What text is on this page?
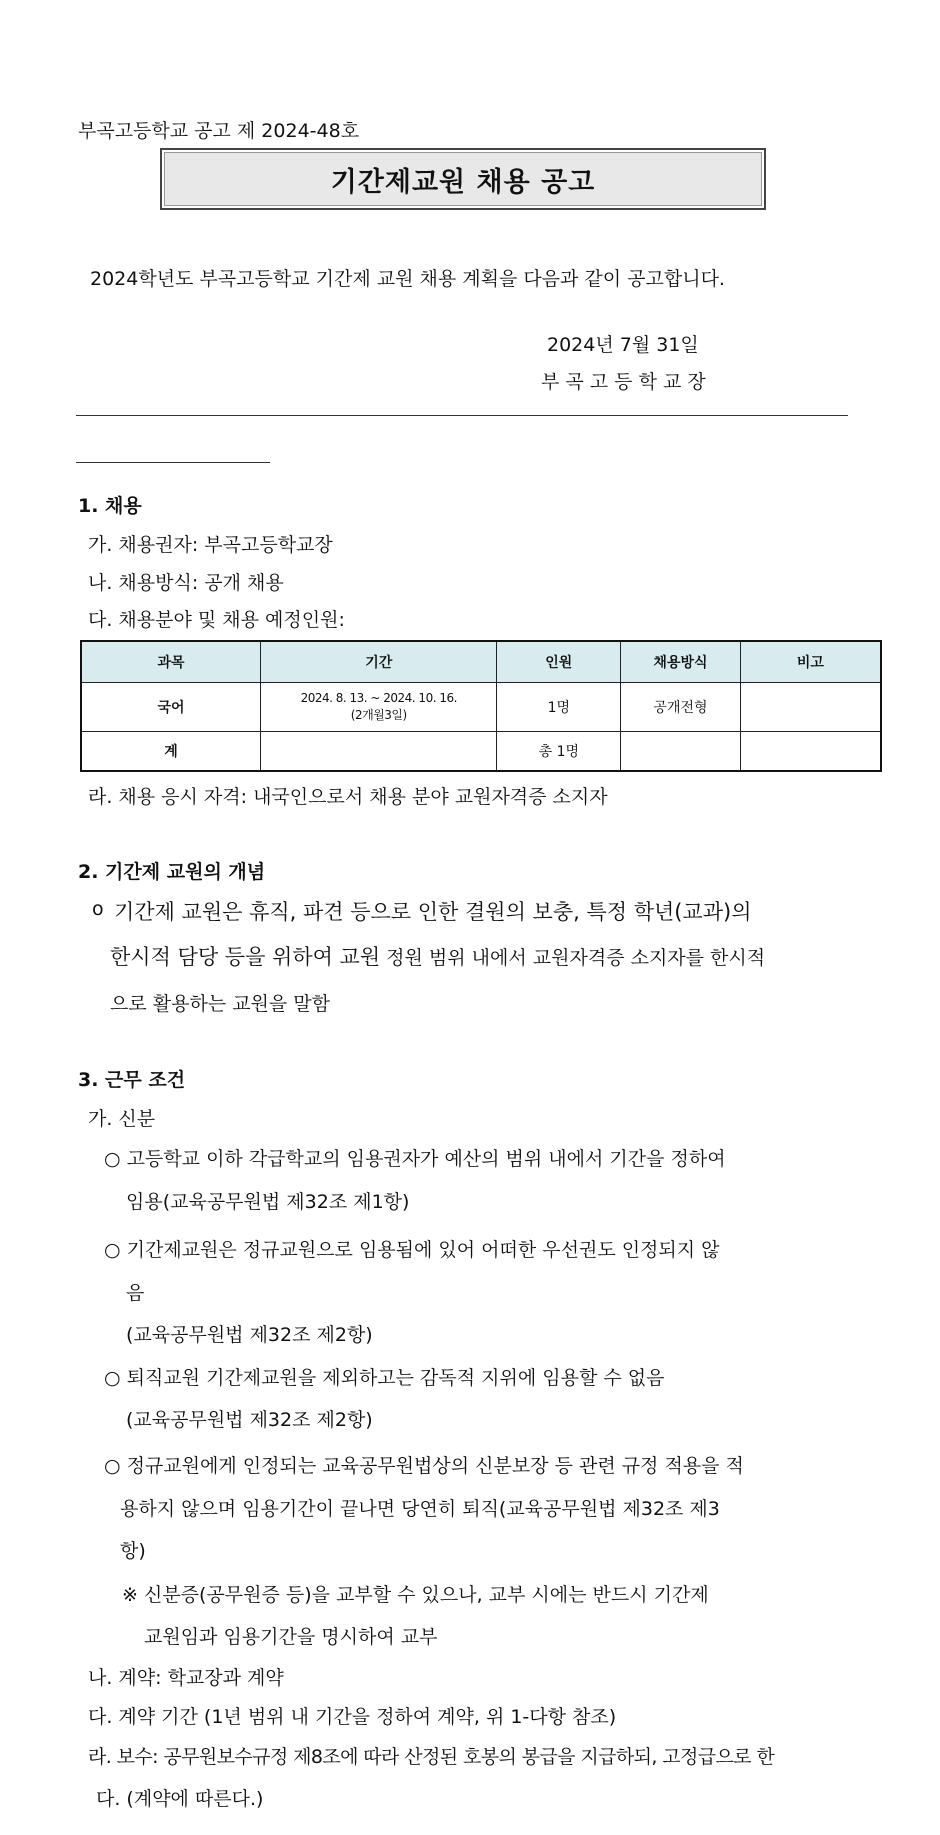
부곡고등학교 공고 제 2024-48호
기간제교원 채용 공고
2024학년도 부곡고등학교 기간제 교원 채용 계획을 다음과 같이 공고합니다.
2024년 7월 31일
부 곡 고 등 학 교 장
1. 채용
가. 채용권자: 부곡고등학교장
나. 채용방식: 공개 채용
다. 채용분야 및 채용 예정인원:
과목	기간	인원	채용방식	비고
국어	2024. 8. 13. ~ 2024. 10. 16.
(2개월3일)	1명	공개전형	
계		총 1명		
라. 채용 응시 자격: 내국인으로서 채용 분야 교원자격증 소지자
2. 기간제 교원의 개념
o 기간제 교원은 휴직, 파견 등으로 인한 결원의 보충, 특정 학년(교과)의
한시적 담당 등을 위하여 교원 정원 범위 내에서 교원자격증 소지자를 한시적
으로 활용하는 교원을 말함
3. 근무 조건
가. 신분
○ 고등학교 이하 각급학교의 임용권자가 예산의 범위 내에서 기간을 정하여
임용(교육공무원법 제32조 제1항)
○ 기간제교원은 정규교원으로 임용됨에 있어 어떠한 우선권도 인정되지 않
음
(교육공무원법 제32조 제2항)
○ 퇴직교원 기간제교원을 제외하고는 감독적 지위에 임용할 수 없음
(교육공무원법 제32조 제2항)
○ 정규교원에게 인정되는 교육공무원법상의 신분보장 등 관련 규정 적용을 적
용하지 않으며 임용기간이 끝나면 당연히 퇴직(교육공무원법 제32조 제3
항)
※ 신분증(공무원증 등)을 교부할 수 있으나, 교부 시에는 반드시 기간제
교원임과 임용기간을 명시하여 교부
나. 계약: 학교장과 계약
다. 계약 기간 (1년 범위 내 기간을 정하여 계약, 위 1-다항 참조)
라. 보수: 공무원보수규정 제8조에 따라 산정된 호봉의 봉급을 지급하되, 고정급으로 한
다. (계약에 따른다.)
